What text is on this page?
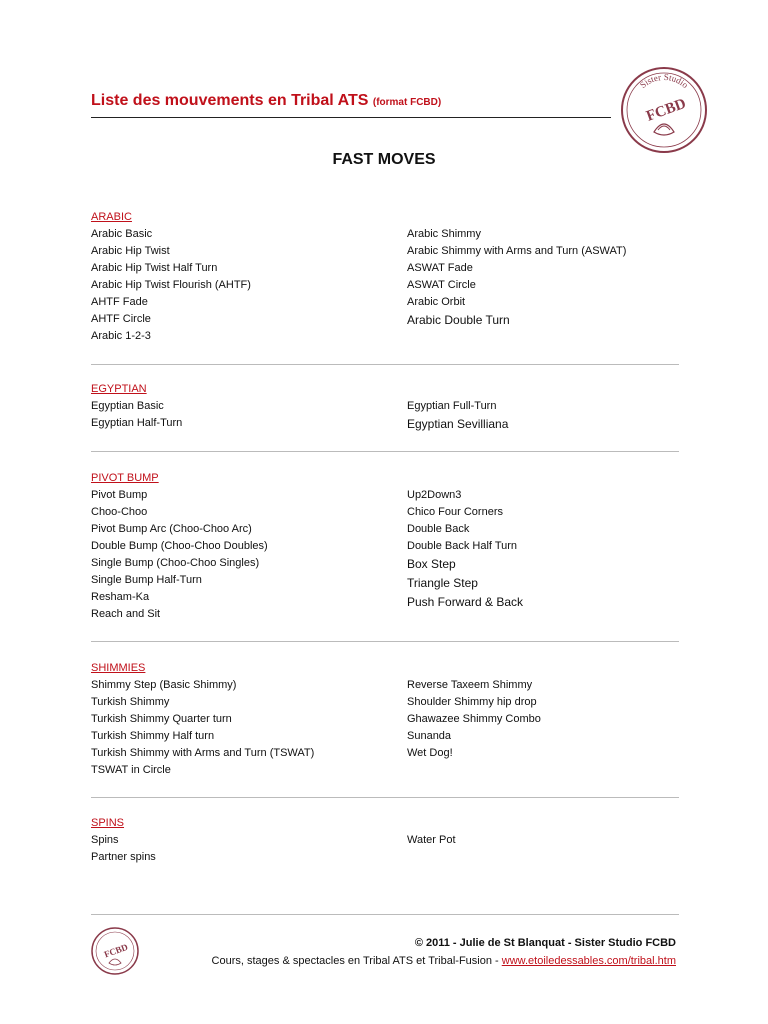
Liste des mouvements en Tribal ATS (format FCBD)
Sister Studio
FCBD
FAST MOVES
ARABIC
Arabic Basic
Arabic Hip Twist
Arabic Hip Twist Half Turn
Arabic Hip Twist Flourish (AHTF)
AHTF Fade
AHTF Circle
Arabic 1-2-3
Arabic Shimmy
Arabic Shimmy with Arms and Turn (ASWAT)
ASWAT Fade
ASWAT Circle
Arabic Orbit
Arabic Double Turn
EGYPTIAN
Egyptian Basic
Egyptian Half-Turn
Egyptian Full-Turn
Egyptian Sevilliana
PIVOT BUMP
Pivot Bump
Choo-Choo
Pivot Bump Arc (Choo-Choo Arc)
Double Bump (Choo-Choo Doubles)
Single Bump (Choo-Choo Singles)
Single Bump Half-Turn
Resham-Ka
Reach and Sit
Up2Down3
Chico Four Corners
Double Back
Double Back Half Turn
Box Step
Triangle Step
Push Forward & Back
SHIMMIES
Shimmy Step (Basic Shimmy)
Turkish Shimmy
Turkish Shimmy Quarter turn
Turkish Shimmy Half turn
Turkish Shimmy with Arms and Turn (TSWAT)
TSWAT in Circle
Reverse Taxeem Shimmy
Shoulder Shimmy hip drop
Ghawazee Shimmy Combo
Sunanda
Wet Dog!
SPINS
Spins
Partner spins
Water Pot
FCBD	© 2011 - Julie de St Blanquat - Sister Studio FCBD
Cours, stages & spectacles en Tribal ATS et Tribal-Fusion - www.etoiledessables.com/tribal.htm
